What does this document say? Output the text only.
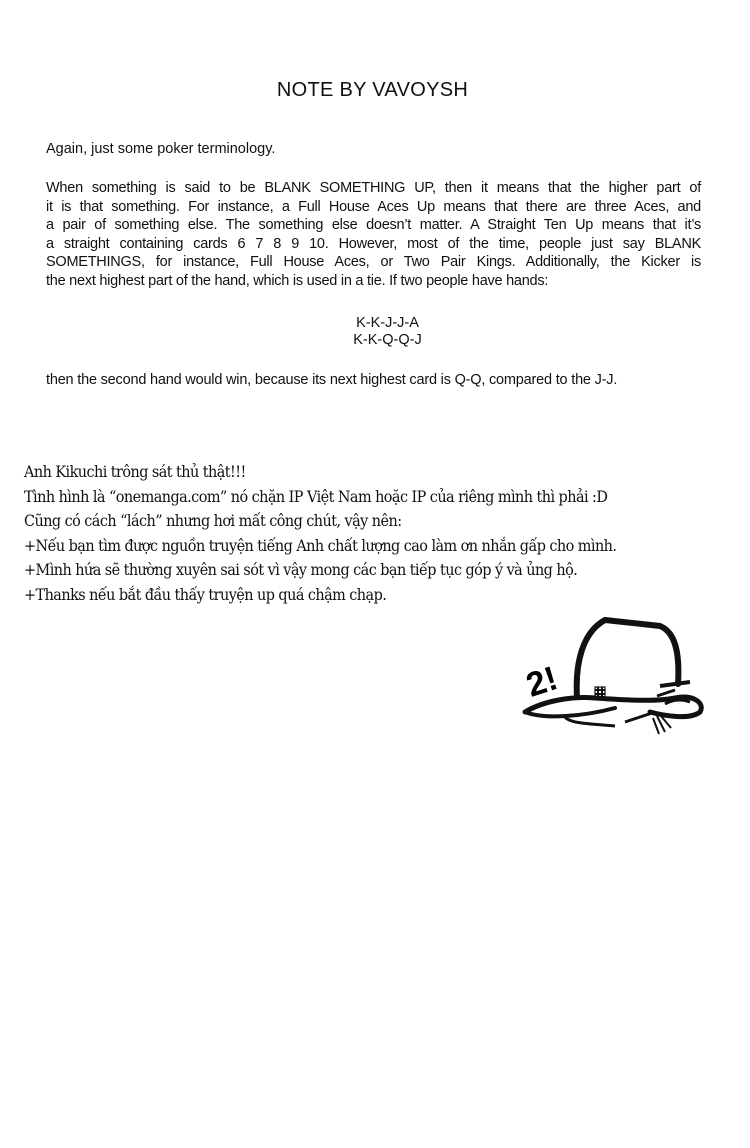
NOTE BY VAVOYSH
Again, just some poker terminology.
When something is said to be BLANK SOMETHING UP, then it means that the higher part of
it is that something. For instance, a Full House Aces Up means that there are three Aces, and
a pair of something else. The something else doesn’t matter. A Straight Ten Up means that it’s
a straight containing cards 6 7 8 9 10. However, most of the time, people just say BLANK
SOMETHINGS, for instance, Full House Aces, or Two Pair Kings. Additionally, the Kicker is
the next highest part of the hand, which is used in a tie. If two people have hands:
K-K-J-J-A
K-K-Q-Q-J
then the second hand would win, because its next highest card is Q-Q, compared to the J-J.
Anh Kikuchi trông sát thủ thật!!!
Tình hình là “onemanga.com” nó chặn IP Việt Nam hoặc IP của riêng mình thì phải :D
Cũng có cách “lách” nhưng hơi mất công chút, vậy nên:
+Nếu bạn tìm được nguồn truyện tiếng Anh chất lượng cao làm ơn nhắn gấp cho mình.
+Mình hứa sẽ thường xuyên sai sót vì vậy mong các bạn tiếp tục góp ý và ủng hộ.
+Thanks nếu bắt đầu thấy truyện up quá chậm chạp.
2!
